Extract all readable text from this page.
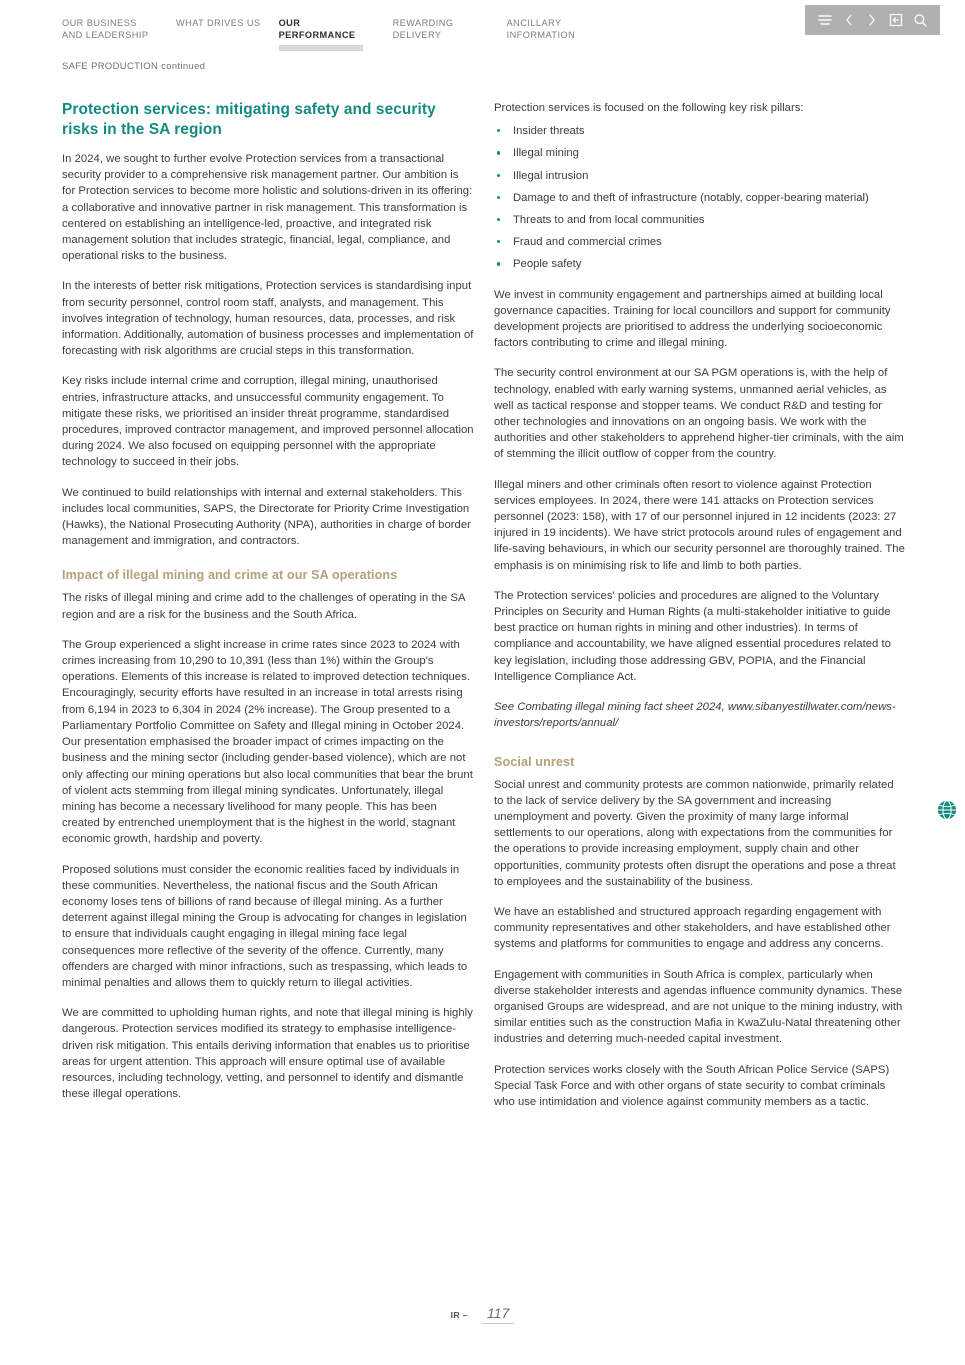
OUR BUSINESS AND LEADERSHIP
WHAT DRIVES US OUR PERFORMANCE
REWARDING DELIVERY
ANCILLARY INFORMATION
SAFE PRODUCTION continued
Protection services: mitigating safety and security risks in the SA region

In 2024, we sought to further evolve Protection services from a transactional security provider to a comprehensive risk management partner. Our ambition is for Protection services to become more holistic and solutions-driven in its offering: a collaborative and innovative partner in risk management. This transformation is centered on establishing an intelligence-led, proactive, and integrated risk management solution that includes strategic, financial, legal, compliance, and operational risks to the business.

In the interests of better risk mitigations, Protection services is standardising input from security personnel, control room staff, analysts, and management. This involves integration of technology, human resources, data, processes, and risk information. Additionally, automation of business processes and implementation of forecasting with risk algorithms are crucial steps in this transformation.

Key risks include internal crime and corruption, illegal mining, unauthorised entries, infrastructure attacks, and unsuccessful community engagement. To mitigate these risks, we prioritised an insider threat programme, standardised procedures, improved contractor management, and improved personnel allocation during 2024. We also focused on equipping personnel with the appropriate technology to succeed in their jobs.

We continued to build relationships with internal and external stakeholders. This includes local communities, SAPS, the Directorate for Priority Crime Investigation (Hawks), the National Prosecuting Authority (NPA), authorities in charge of border management and immigration, and contractors.

Impact of illegal mining and crime at our SA operations

The risks of illegal mining and crime add to the challenges of operating in the SA region and are a risk for the business and the South Africa.

The Group experienced a slight increase in crime rates since 2023 to 2024 with crimes increasing from 10,290 to 10,391 (less than 1%) within the Group's operations. Elements of this increase is related to improved detection techniques. Encouragingly, security efforts have resulted in an increase in total arrests rising from 6,194 in 2023 to 6,304 in 2024 (2% increase). The Group presented to a Parliamentary Portfolio Committee on Safety and Illegal mining in October 2024. Our presentation emphasised the broader impact of crimes impacting on the business and the mining sector (including gender-based violence), which are not only affecting our mining operations but also local communities that bear the brunt of violent acts stemming from illegal mining syndicates. Unfortunately, illegal mining has become a necessary livelihood for many people. This has been created by entrenched unemployment that is the highest in the world, stagnant economic growth, hardship and poverty.

Proposed solutions must consider the economic realities faced by individuals in these communities. Nevertheless, the national fiscus and the South African economy loses tens of billions of rand because of illegal mining. As a further deterrent against illegal mining the Group is advocating for changes in legislation to ensure that individuals caught engaging in illegal mining face legal consequences more reflective of the severity of the offence. Currently, many offenders are charged with minor infractions, such as trespassing, which leads to minimal penalties and allows them to quickly return to illegal activities.

We are committed to upholding human rights, and note that illegal mining is highly dangerous. Protection services modified its strategy to emphasise intelligence-driven risk mitigation. This entails deriving information that enables us to prioritise areas for urgent attention. This approach will ensure optimal use of available resources, including technology, vetting, and personnel to identify and dismantle these illegal operations.

Protection services is focused on the following key risk pillars:

Insider threats
Illegal mining
Illegal intrusion
Damage to and theft of infrastructure (notably, copper-bearing material)
Threats to and from local communities
Fraud and commercial crimes
People safety

We invest in community engagement and partnerships aimed at building local governance capacities. Training for local councillors and support for community development projects are prioritised to address the underlying socioeconomic factors contributing to crime and illegal mining.

The security control environment at our SA PGM operations is, with the help of technology, enabled with early warning systems, unmanned aerial vehicles, as well as tactical response and stopper teams. We conduct R&D and testing for other technologies and innovations on an ongoing basis. We work with the authorities and other stakeholders to apprehend higher-tier criminals, with the aim of stemming the illicit outflow of copper from the country.

Illegal miners and other criminals often resort to violence against Protection services employees. In 2024, there were 141 attacks on Protection services personnel (2023: 158), with 17 of our personnel injured in 12 incidents (2023: 27 injured in 19 incidents). We have strict protocols around rules of engagement and life-saving behaviours, in which our security personnel are thoroughly trained. The emphasis is on minimising risk to life and limb to both parties.

The Protection services' policies and procedures are aligned to the Voluntary Principles on Security and Human Rights (a multi-stakeholder initiative to guide best practice on human rights in mining and other industries). In terms of compliance and accountability, we have aligned essential procedures related to key legislation, including those addressing GBV, POPIA, and the Financial Intelligence Compliance Act.

See Combating illegal mining fact sheet 2024, www.sibanyestillwater.com/news-investors/reports/annual/

Social unrest

Social unrest and community protests are common nationwide, primarily related to the lack of service delivery by the SA government and increasing unemployment and poverty. Given the proximity of many large informal settlements to our operations, along with expectations from the communities for the operations to provide increasing employment, supply chain and other opportunities, community protests often disrupt the operations and pose a threat to employees and the sustainability of the business.

We have an established and structured approach regarding engagement with community representatives and other stakeholders, and have established other systems and platforms for communities to engage and address any concerns.

Engagement with communities in South Africa is complex, particularly when diverse stakeholder interests and agendas influence community dynamics. These organised Groups are widespread, and are not unique to the mining industry, with similar entities such as the construction Mafia in KwaZulu-Natal threatening other industries and deterring much-needed capital investment.

Protection services works closely with the South African Police Service (SAPS) Special Task Force and with other organs of state security to combat criminals who use intimidation and violence against community members as a tactic.

IR –	117
